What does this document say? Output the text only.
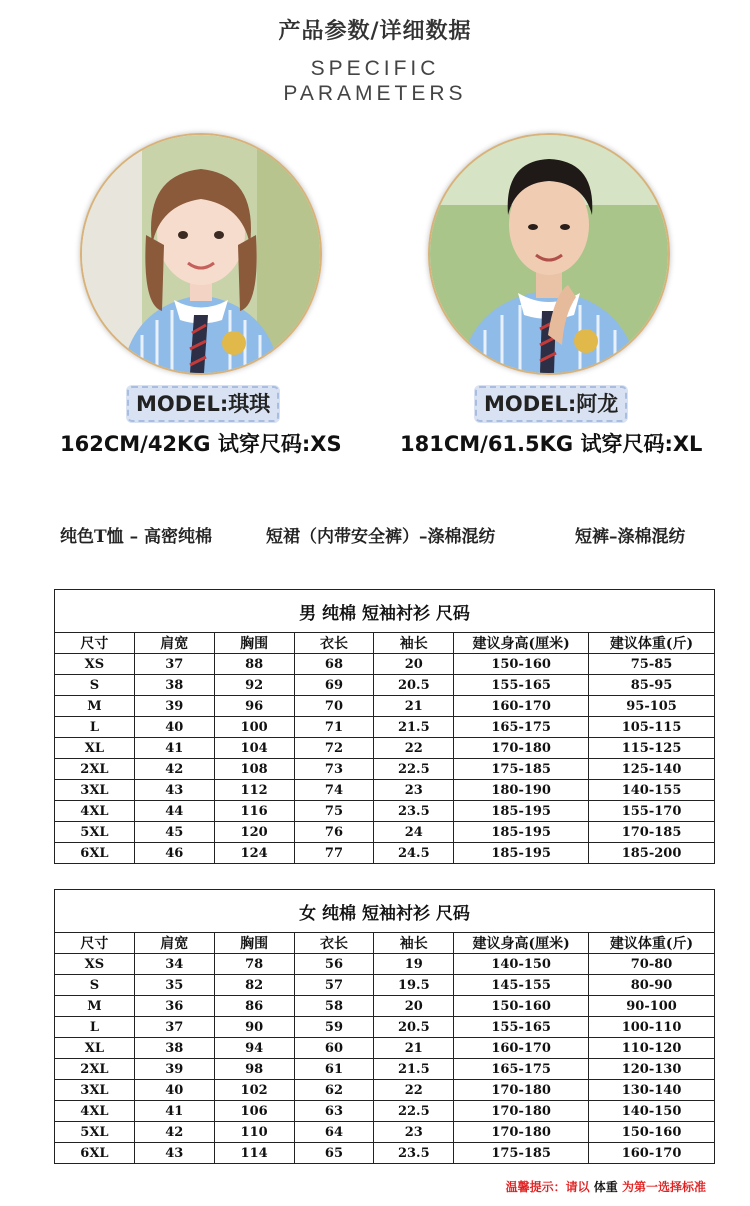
产品参数/详细数据
SPECIFIC
PARAMETERS
MODEL:琪琪
162CM/42KG 试穿尺码:XS
MODEL:阿龙
181CM/61.5KG 试穿尺码:XL
纯色T恤 – 高密纯棉	短裙（内带安全裤）–涤棉混纺	短裤–涤棉混纺
男 纯棉 短袖衬衫 尺码						
尺寸	肩宽	胸围	衣长	袖长	建议身高(厘米)	建议体重(斤)
XS	37	88	68	20	150-160	75-85
S	38	92	69	20.5	155-165	85-95
M	39	96	70	21	160-170	95-105
L	40	100	71	21.5	165-175	105-115
XL	41	104	72	22	170-180	115-125
2XL	42	108	73	22.5	175-185	125-140
3XL	43	112	74	23	180-190	140-155
4XL	44	116	75	23.5	185-195	155-170
5XL	45	120	76	24	185-195	170-185
6XL	46	124	77	24.5	185-195	185-200
女 纯棉 短袖衬衫 尺码						
尺寸	肩宽	胸围	衣长	袖长	建议身高(厘米)	建议体重(斤)
XS	34	78	56	19	140-150	70-80
S	35	82	57	19.5	145-155	80-90
M	36	86	58	20	150-160	90-100
L	37	90	59	20.5	155-165	100-110
XL	38	94	60	21	160-170	110-120
2XL	39	98	61	21.5	165-175	120-130
3XL	40	102	62	22	170-180	130-140
4XL	41	106	63	22.5	170-180	140-150
5XL	42	110	64	23	170-180	150-160
6XL	43	114	65	23.5	175-185	160-170
温馨提示：请以 体重 为第一选择标准
